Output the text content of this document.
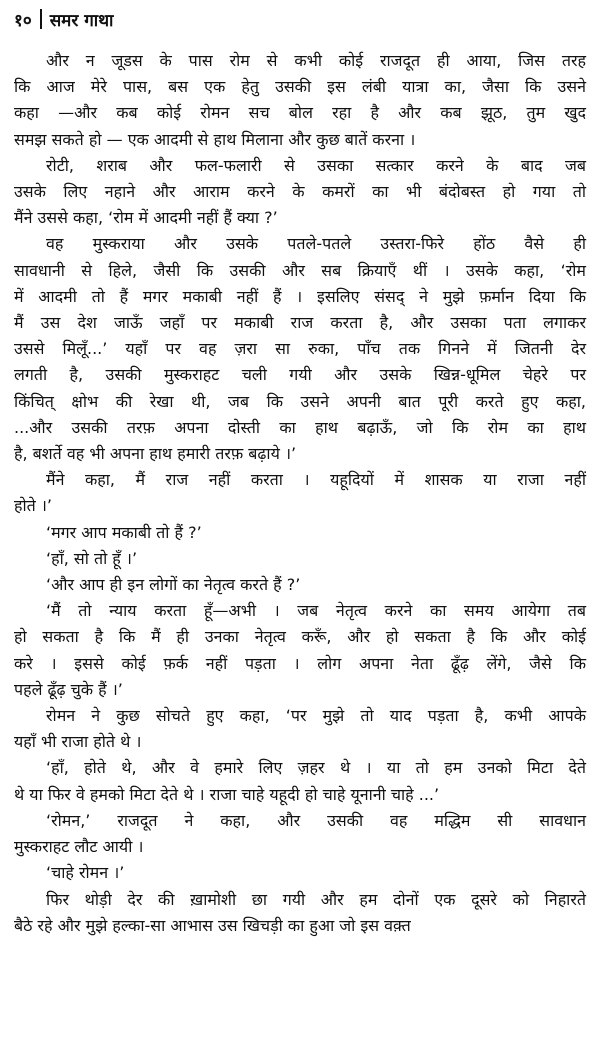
१० समर गाथा

और न जूडस के पास रोम से कभी कोई राजदूत ही आया, जिस तरह
कि आज मेरे पास, बस एक हेतु उसकी इस लंबी यात्रा का, जैसा कि उसने
कहा —और कब कोई रोमन सच बोल रहा है और कब झूठ, तुम खुद
समझ सकते हो — एक आदमी से हाथ मिलाना और कुछ बातें करना ।

रोटी, शराब और फल-फलारी से उसका सत्कार करने के बाद जब
उसके लिए नहाने और आराम करने के कमरों का भी बंदोबस्त हो गया तो
मैंने उससे कहा, ‘रोम में आदमी नहीं हैं क्या ?’

वह मुस्कराया और उसके पतले-पतले उस्तरा-फिरे होंठ वैसे ही
सावधानी से हिले, जैसी कि उसकी और सब क्रियाएँ थीं । उसके कहा, ‘रोम
में आदमी तो हैं मगर मकाबी नहीं हैं । इसलिए संसद् ने मुझे फ़र्मान दिया कि
मैं उस देश जाऊँ जहाँ पर मकाबी राज करता है, और उसका पता लगाकर
उससे मिलूँ...’ यहाँ पर वह ज़रा सा रुका, पाँच तक गिनने में जितनी देर
लगती है, उसकी मुस्कराहट चली गयी और उसके खिन्न-धूमिल चेहरे पर
किंचित् क्षोभ की रेखा थी, जब कि उसने अपनी बात पूरी करते हुए कहा,
...और उसकी तरफ़ अपना दोस्ती का हाथ बढ़ाऊँ, जो कि रोम का हाथ
है, बशर्ते वह भी अपना हाथ हमारी तरफ़ बढ़ाये ।’

मैंने कहा, मैं राज नहीं करता । यहूदियों में शासक या राजा नहीं
होते ।’

‘मगर आप मकाबी तो हैं ?’

‘हाँ, सो तो हूँ ।’

‘और आप ही इन लोगों का नेतृत्व करते हैं ?’

‘मैं तो न्याय करता हूँ—अभी । जब नेतृत्व करने का समय आयेगा तब
हो सकता है कि मैं ही उनका नेतृत्व करूँ, और हो सकता है कि और कोई
करे । इससे कोई फ़र्क नहीं पड़ता । लोग अपना नेता ढूँढ़ लेंगे, जैसे कि
पहले ढूँढ़ चुके हैं ।’

रोमन ने कुछ सोचते हुए कहा, ‘पर मुझे तो याद पड़ता है, कभी आपके
यहाँ भी राजा होते थे ।

‘हाँ, होते थे, और वे हमारे लिए ज़हर थे । या तो हम उनको मिटा देते
थे या फिर वे हमको मिटा देते थे । राजा चाहे यहूदी हो चाहे यूनानी चाहे ...’

‘रोमन,’ राजदूत ने कहा, और उसकी वह मद्धिम सी सावधान
मुस्कराहट लौट आयी ।

‘चाहे रोमन ।’

फिर थोड़ी देर की ख़ामोशी छा गयी और हम दोनों एक दूसरे को निहारते
बैठे रहे और मुझे हल्का-सा आभास उस खिचड़ी का हुआ जो इस वक़्त
